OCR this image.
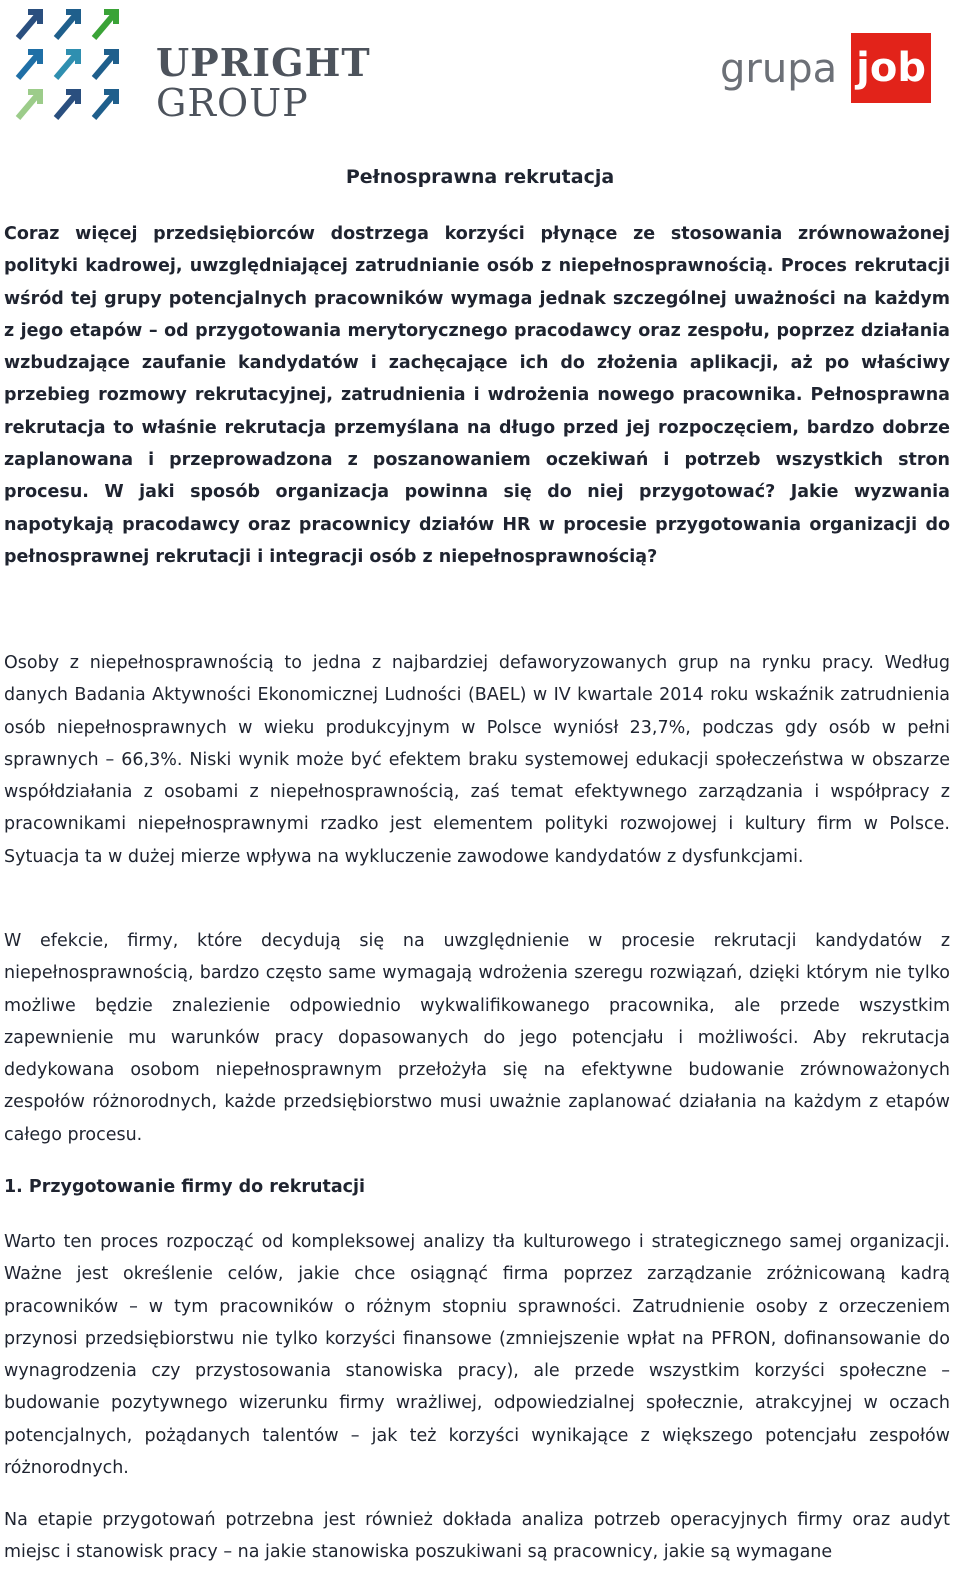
UPRIGHT
GROUP
grupa job
Pełnosprawna rekrutacja

Coraz więcej przedsiębiorców dostrzega korzyści płynące ze stosowania zrównoważonej polityki kadrowej, uwzględniającej zatrudnianie osób z niepełnosprawnością. Proces rekrutacji wśród tej grupy potencjalnych pracowników wymaga jednak szczególnej uważności na każdym z jego etapów – od przygotowania merytorycznego pracodawcy oraz zespołu, poprzez działania wzbudzające zaufanie kandydatów i zachęcające ich do złożenia aplikacji, aż po właściwy przebieg rozmowy rekrutacyjnej, zatrudnienia i wdrożenia nowego pracownika. Pełnosprawna rekrutacja to właśnie rekrutacja przemyślana na długo przed jej rozpoczęciem, bardzo dobrze zaplanowana i przeprowadzona z poszanowaniem oczekiwań i potrzeb wszystkich stron procesu. W jaki sposób organizacja powinna się do niej przygotować? Jakie wyzwania napotykają pracodawcy oraz pracownicy działów HR w procesie przygotowania organizacji do pełnosprawnej rekrutacji i integracji osób z niepełnosprawnością?

Osoby z niepełnosprawnością to jedna z najbardziej defaworyzowanych grup na rynku pracy. Według danych Badania Aktywności Ekonomicznej Ludności (BAEL) w IV kwartale 2014 roku wskaźnik zatrudnienia osób niepełnosprawnych w wieku produkcyjnym w Polsce wyniósł 23,7%, podczas gdy osób w pełni sprawnych – 66,3%. Niski wynik może być efektem braku systemowej edukacji społeczeństwa w obszarze współdziałania z osobami z niepełnosprawnością, zaś temat efektywnego zarządzania i współpracy z pracownikami niepełnosprawnymi rzadko jest elementem polityki rozwojowej i kultury firm w Polsce. Sytuacja ta w dużej mierze wpływa na wykluczenie zawodowe kandydatów z dysfunkcjami.

W efekcie, firmy, które decydują się na uwzględnienie w procesie rekrutacji kandydatów z niepełnosprawnością, bardzo często same wymagają wdrożenia szeregu rozwiązań, dzięki którym nie tylko możliwe będzie znalezienie odpowiednio wykwalifikowanego pracownika, ale przede wszystkim zapewnienie mu warunków pracy dopasowanych do jego potencjału i możliwości. Aby rekrutacja dedykowana osobom niepełnosprawnym przełożyła się na efektywne budowanie zrównoważonych zespołów różnorodnych, każde przedsiębiorstwo musi uważnie zaplanować działania na każdym z etapów całego procesu.

1. Przygotowanie firmy do rekrutacji

Warto ten proces rozpocząć od kompleksowej analizy tła kulturowego i strategicznego samej organizacji. Ważne jest określenie celów, jakie chce osiągnąć firma poprzez zarządzanie zróżnicowaną kadrą pracowników – w tym pracowników o różnym stopniu sprawności. Zatrudnienie osoby z orzeczeniem przynosi przedsiębiorstwu nie tylko korzyści finansowe (zmniejszenie wpłat na PFRON, dofinansowanie do wynagrodzenia czy przystosowania stanowiska pracy), ale przede wszystkim korzyści społeczne – budowanie pozytywnego wizerunku firmy wrażliwej, odpowiedzialnej społecznie, atrakcyjnej w oczach potencjalnych, pożądanych talentów – jak też korzyści wynikające z większego potencjału zespołów różnorodnych.

Na etapie przygotowań potrzebna jest również dokłada analiza potrzeb operacyjnych firmy oraz audyt miejsc i stanowisk pracy – na jakie stanowiska poszukiwani są pracownicy, jakie są wymagane
